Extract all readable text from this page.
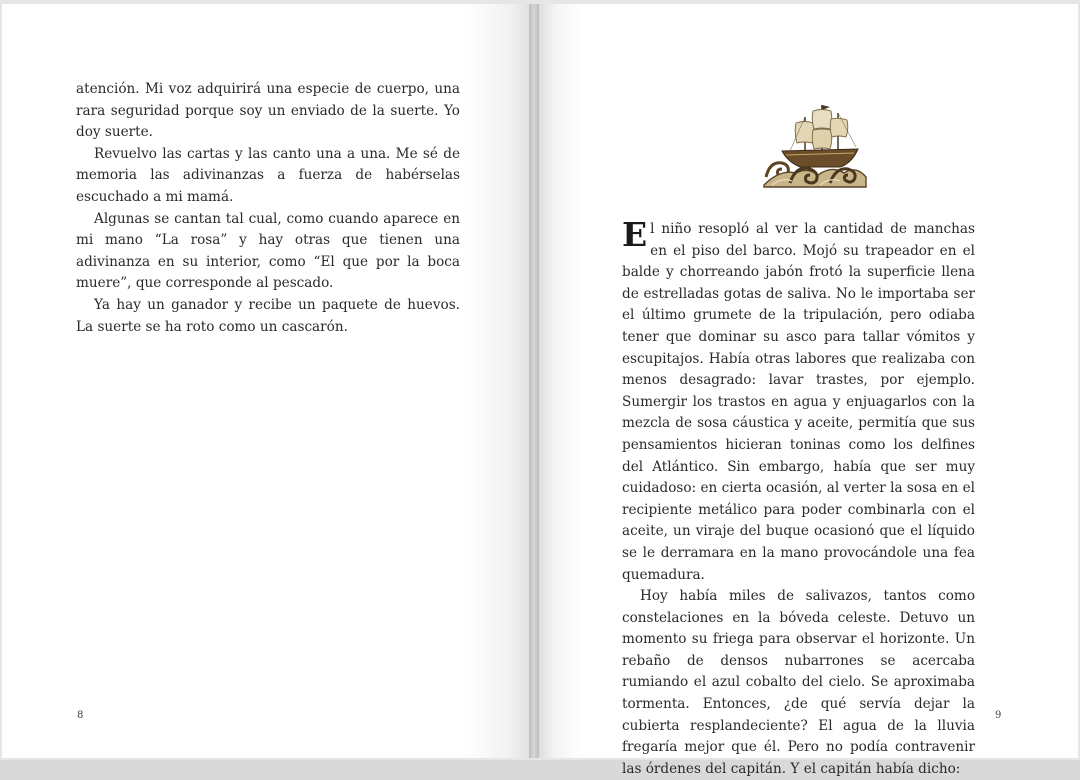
atención. Mi voz adquirirá una especie de cuerpo, una rara seguridad porque soy un enviado de la suerte. Yo doy suerte.

Revuelvo las cartas y las canto una a una. Me sé de memoria las adivinanzas a fuerza de habérselas escuchado a mi mamá.

Algunas se cantan tal cual, como cuando aparece en mi mano “La rosa” y hay otras que tienen una adivinanza en su interior, como “El que por la boca muere”, que corresponde al pescado.

Ya hay un ganador y recibe un paquete de huevos. La suerte se ha roto como un cascarón.

8

El niño resopló al ver la cantidad de manchas en el piso del barco. Mojó su trapeador en el balde y chorreando jabón frotó la superficie llena de estrelladas gotas de saliva. No le importaba ser el último grumete de la tripulación, pero odiaba tener que dominar su asco para tallar vómitos y escupitajos. Había otras labores que realizaba con menos desagrado: lavar trastes, por ejemplo. Sumergir los trastos en agua y enjuagarlos con la mezcla de sosa cáustica y aceite, permitía que sus pensamientos hicieran toninas como los delfines del Atlántico. Sin embargo, había que ser muy cuidadoso: en cierta ocasión, al verter la sosa en el recipiente metálico para poder combinarla con el aceite, un viraje del buque ocasionó que el líquido se le derramara en la mano provocándole una fea quemadura.

Hoy había miles de salivazos, tantos como constelaciones en la bóveda celeste. Detuvo un momento su friega para observar el horizonte. Un rebaño de densos nubarrones se acercaba rumiando el azul cobalto del cielo. Se aproximaba tormenta. Entonces, ¿de qué servía dejar la cubierta resplandeciente? El agua de la lluvia fregaría mejor que él. Pero no podía contravenir las órdenes del capitán. Y el capitán había dicho:

9
